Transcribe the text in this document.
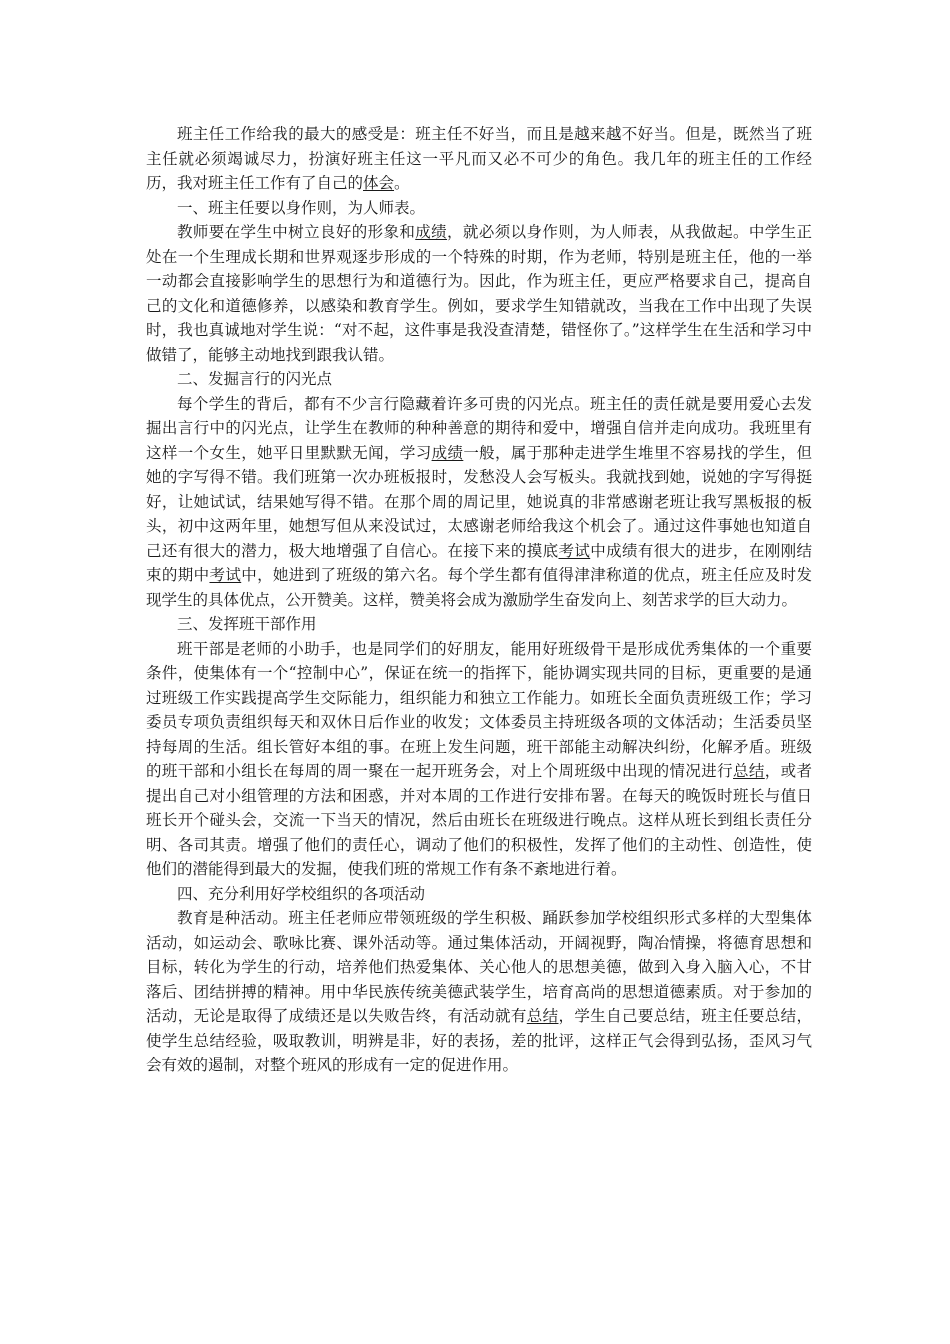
班主任工作给我的最大的感受是：班主任不好当，而且是越来越不好当。但是，既然当了班主任就必须竭诚尽力，扮演好班主任这一平凡而又必不可少的角色。我几年的班主任的工作经历，我对班主任工作有了自己的体会。

一、班主任要以身作则，为人师表。

教师要在学生中树立良好的形象和成绩，就必须以身作则，为人师表，从我做起。中学生正处在一个生理成长期和世界观逐步形成的一个特殊的时期，作为老师，特别是班主任，他的一举一动都会直接影响学生的思想行为和道德行为。因此，作为班主任，更应严格要求自己，提高自己的文化和道德修养，以感染和教育学生。例如，要求学生知错就改，当我在工作中出现了失误时，我也真诚地对学生说：“对不起，这件事是我没查清楚，错怪你了。”这样学生在生活和学习中做错了，能够主动地找到跟我认错。

二、发掘言行的闪光点

每个学生的背后，都有不少言行隐藏着许多可贵的闪光点。班主任的责任就是要用爱心去发掘出言行中的闪光点，让学生在教师的种种善意的期待和爱中，增强自信并走向成功。我班里有这样一个女生，她平日里默默无闻，学习成绩一般，属于那种走进学生堆里不容易找的学生，但她的字写得不错。我们班第一次办班板报时，发愁没人会写板头。我就找到她，说她的字写得挺好，让她试试，结果她写得不错。在那个周的周记里，她说真的非常感谢老班让我写黑板报的板头，初中这两年里，她想写但从来没试过，太感谢老师给我这个机会了。通过这件事她也知道自己还有很大的潜力，极大地增强了自信心。在接下来的摸底考试中成绩有很大的进步，在刚刚结束的期中考试中，她进到了班级的第六名。每个学生都有值得津津称道的优点，班主任应及时发现学生的具体优点，公开赞美。这样，赞美将会成为激励学生奋发向上、刻苦求学的巨大动力。

三、发挥班干部作用

班干部是老师的小助手，也是同学们的好朋友，能用好班级骨干是形成优秀集体的一个重要条件，使集体有一个“控制中心”，保证在统一的指挥下，能协调实现共同的目标，更重要的是通过班级工作实践提高学生交际能力，组织能力和独立工作能力。如班长全面负责班级工作；学习委员专项负责组织每天和双休日后作业的收发；文体委员主持班级各项的文体活动；生活委员坚持每周的生活。组长管好本组的事。在班上发生问题，班干部能主动解决纠纷，化解矛盾。班级的班干部和小组长在每周的周一聚在一起开班务会，对上个周班级中出现的情况进行总结，或者提出自己对小组管理的方法和困惑，并对本周的工作进行安排布署。在每天的晚饭时班长与值日班长开个碰头会，交流一下当天的情况，然后由班长在班级进行晚点。这样从班长到组长责任分明、各司其责。增强了他们的责任心，调动了他们的积极性，发挥了他们的主动性、创造性，使他们的潜能得到最大的发掘，使我们班的常规工作有条不紊地进行着。

四、充分利用好学校组织的各项活动

教育是种活动。班主任老师应带领班级的学生积极、踊跃参加学校组织形式多样的大型集体活动，如运动会、歌咏比赛、课外活动等。通过集体活动，开阔视野，陶冶情操，将德育思想和目标，转化为学生的行动，培养他们热爱集体、关心他人的思想美德，做到入身入脑入心，不甘落后、团结拼搏的精神。用中华民族传统美德武装学生，培育高尚的思想道德素质。对于参加的活动，无论是取得了成绩还是以失败告终，有活动就有总结，学生自己要总结，班主任要总结，使学生总结经验，吸取教训，明辨是非，好的表扬，差的批评，这样正气会得到弘扬，歪风习气会有效的遏制，对整个班风的形成有一定的促进作用。
